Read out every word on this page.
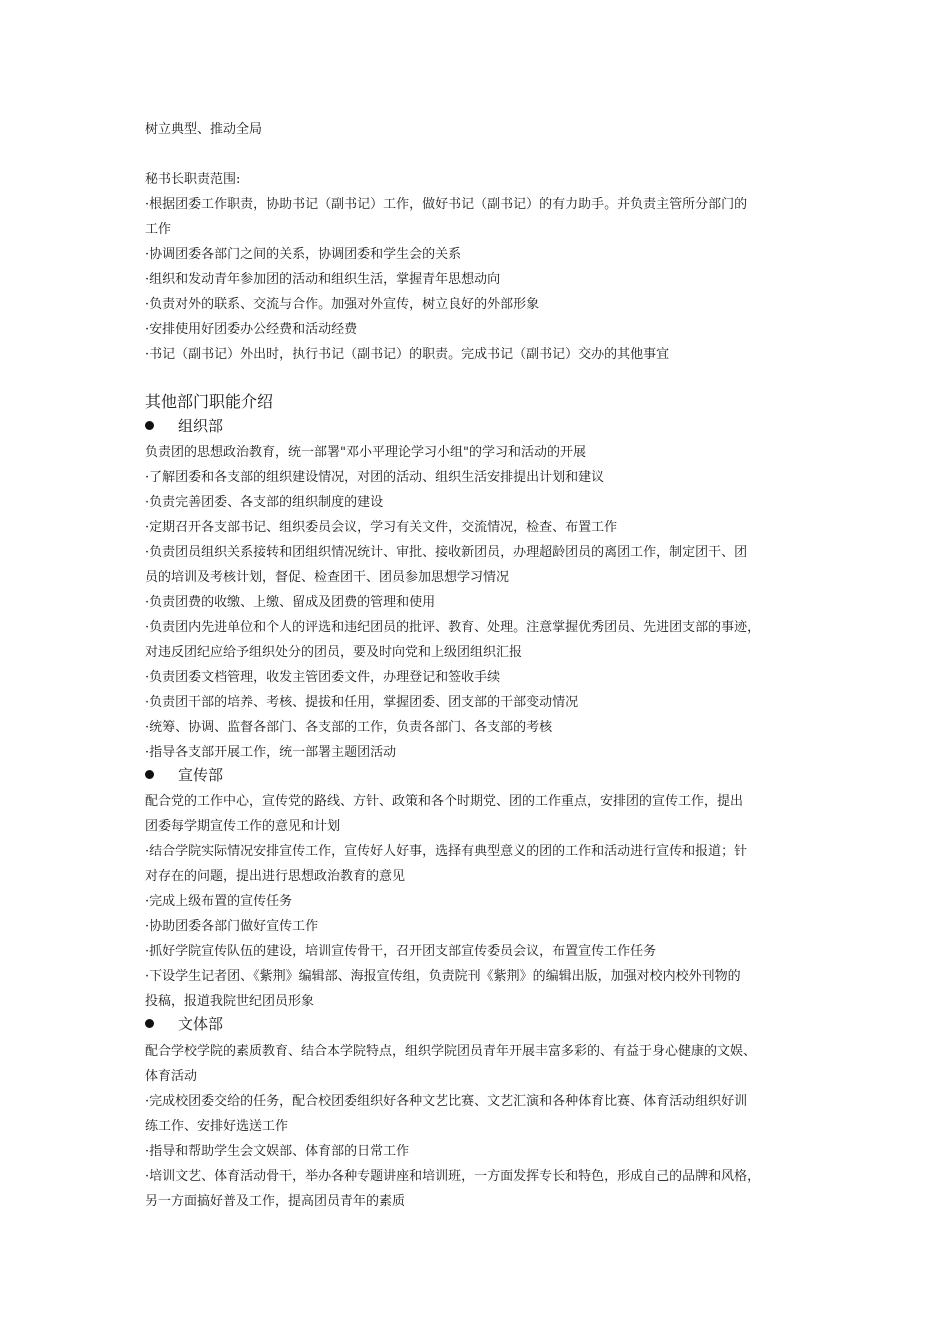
树立典型、推动全局
秘书长职责范围:
·根据团委工作职责，协助书记（副书记）工作，做好书记（副书记）的有力助手。并负责主管所分部门的
工作
·协调团委各部门之间的关系，协调团委和学生会的关系
·组织和发动青年参加团的活动和组织生活，掌握青年思想动向
·负责对外的联系、交流与合作。加强对外宣传，树立良好的外部形象
·安排使用好团委办公经费和活动经费
·书记（副书记）外出时，执行书记（副书记）的职责。完成书记（副书记）交办的其他事宜
其他部门职能介绍
组织部
负责团的思想政治教育，统一部署"邓小平理论学习小组"的学习和活动的开展
·了解团委和各支部的组织建设情况，对团的活动、组织生活安排提出计划和建议
·负责完善团委、各支部的组织制度的建设
·定期召开各支部书记、组织委员会议，学习有关文件，交流情况，检查、布置工作
·负责团员组织关系接转和团组织情况统计、审批、接收新团员，办理超龄团员的离团工作，制定团干、团
员的培训及考核计划，督促、检查团干、团员参加思想学习情况
·负责团费的收缴、上缴、留成及团费的管理和使用
·负责团内先进单位和个人的评选和违纪团员的批评、教育、处理。注意掌握优秀团员、先进团支部的事迹，
对违反团纪应给予组织处分的团员，要及时向党和上级团组织汇报
·负责团委文档管理，收发主管团委文件，办理登记和签收手续
·负责团干部的培养、考核、提拔和任用，掌握团委、团支部的干部变动情况
·统筹、协调、监督各部门、各支部的工作，负责各部门、各支部的考核
·指导各支部开展工作，统一部署主题团活动
宣传部
配合党的工作中心，宣传党的路线、方针、政策和各个时期党、团的工作重点，安排团的宣传工作，提出
团委每学期宣传工作的意见和计划
·结合学院实际情况安排宣传工作，宣传好人好事，选择有典型意义的团的工作和活动进行宣传和报道；针
对存在的问题，提出进行思想政治教育的意见
·完成上级布置的宣传任务
·协助团委各部门做好宣传工作
·抓好学院宣传队伍的建设，培训宣传骨干，召开团支部宣传委员会议，布置宣传工作任务
·下设学生记者团、《紫荆》编辑部、海报宣传组，负责院刊《紫荆》的编辑出版，加强对校内校外刊物的
投稿，报道我院世纪团员形象
文体部
配合学校学院的素质教育、结合本学院特点，组织学院团员青年开展丰富多彩的、有益于身心健康的文娱、
体育活动
·完成校团委交给的任务，配合校团委组织好各种文艺比赛、文艺汇演和各种体育比赛、体育活动组织好训
练工作、安排好选送工作
·指导和帮助学生会文娱部、体育部的日常工作
·培训文艺、体育活动骨干，举办各种专题讲座和培训班，一方面发挥专长和特色，形成自己的品牌和风格，
另一方面搞好普及工作，提高团员青年的素质
